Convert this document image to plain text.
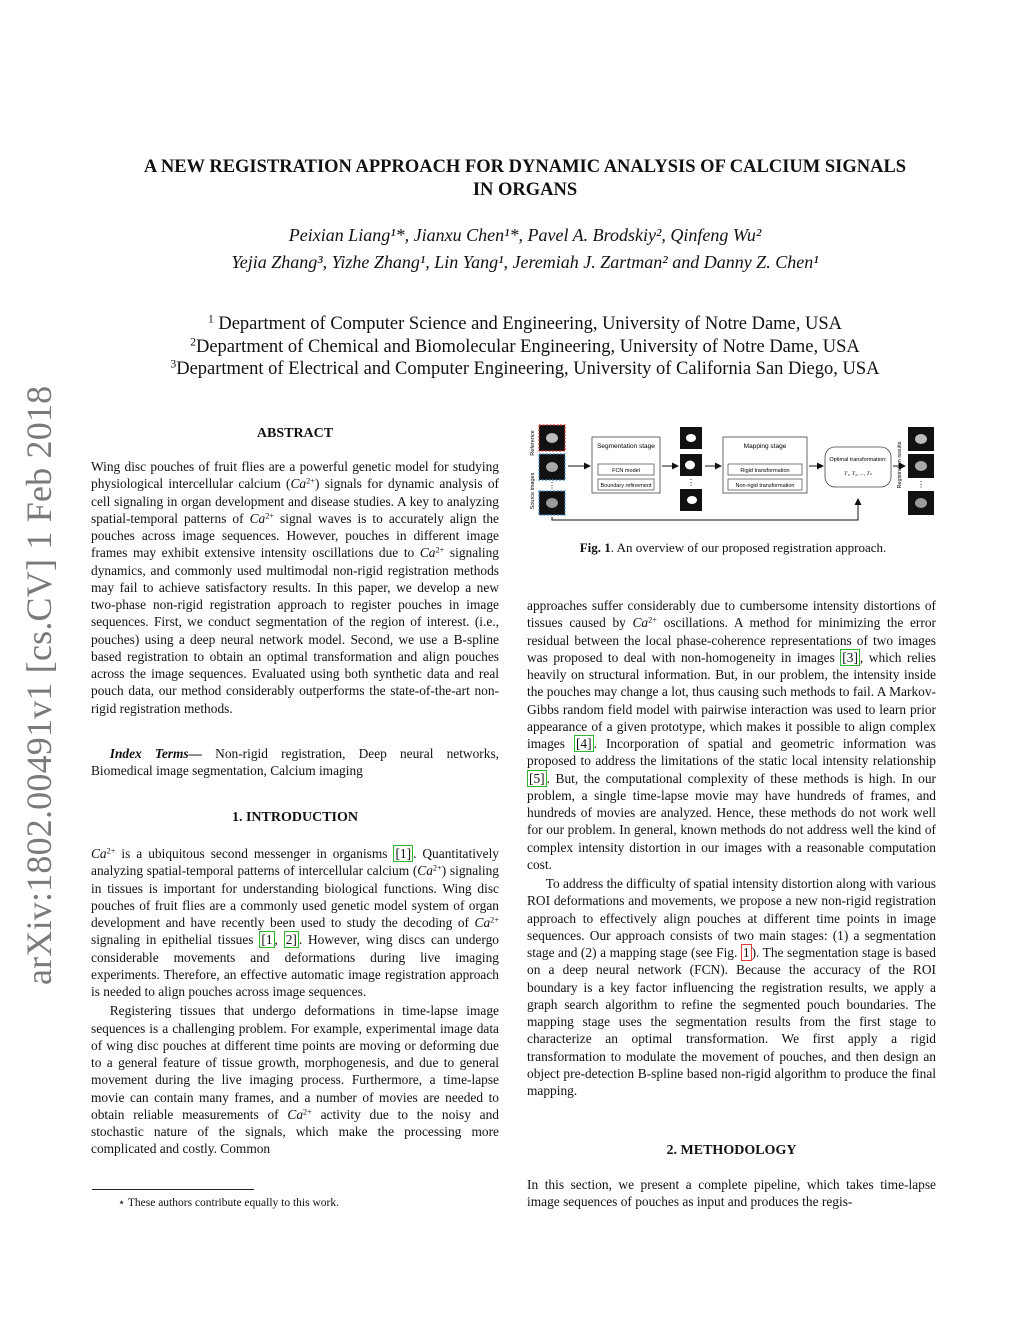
arXiv:1802.00491v1 [cs.CV] 1 Feb 2018
A NEW REGISTRATION APPROACH FOR DYNAMIC ANALYSIS OF CALCIUM SIGNALS
IN ORGANS
Peixian Liang¹*, Jianxu Chen¹*, Pavel A. Brodskiy², Qinfeng Wu²
Yejia Zhang³, Yizhe Zhang¹, Lin Yang¹, Jeremiah J. Zartman² and Danny Z. Chen¹
$^1$ Department of Computer Science and Engineering, University of Notre Dame, USA
$^2$Department of Chemical and Biomolecular Engineering, University of Notre Dame, USA
$^3$Department of Electrical and Computer Engineering, University of California San Diego, USA
ABSTRACT

Wing disc pouches of fruit flies are a powerful genetic model for studying physiological intercellular calcium $(Ca^{2+})$ signals for dynamic analysis of cell signaling in organ development and disease studies. A key to analyzing spatial-temporal patterns of $Ca^{2+}$ signal waves is to accurately align the pouches across image sequences. However, pouches in different image frames may exhibit extensive intensity oscillations due to $Ca^{2+}$ signaling dynamics, and commonly used multimodal non-rigid registration methods may fail to achieve satisfactory results. In this paper, we develop a new two-phase non-rigid registration approach to register pouches in image sequences. First, we conduct segmentation of the region of interest. (i.e., pouches) using a deep neural network model. Second, we use a B-spline based registration to obtain an optimal transformation and align pouches across the image sequences. Evaluated using both synthetic data and real pouch data, our method considerably outperforms the state-of-the-art non-rigid registration methods.

Index Terms— Non-rigid registration, Deep neural networks, Biomedical image segmentation, Calcium imaging

1. INTRODUCTION

$Ca^{2+}$ is a ubiquitous second messenger in organisms [1] . Quantitatively analyzing spatial-temporal patterns of intercellular calcium $(Ca^{2+})$ signaling in tissues is important for understanding biological functions. Wing disc pouches of fruit flies are a commonly used genetic model system of organ development and have recently been used to study the decoding of $Ca^{2+}$ signaling in epithelial tissues [1 , 2] . However, wing discs can undergo considerable movements and deformations during live imaging experiments. Therefore, an effective automatic image registration approach is needed to align pouches across image sequences.

Registering tissues that undergo deformations in time-lapse image sequences is a challenging problem. For example, experimental image data of wing disc pouches at different time points are moving or deforming due to a general feature of tissue growth, morphogenesis, and due to general movement during the live imaging process. Furthermore, a time-lapse movie can contain many frames, and a number of movies are needed to obtain reliable measurements of $Ca^{2+}$ activity due to the noisy and stochastic nature of the signals, which make the processing more complicated and costly. Common

⋆ These authors contribute equally to this work.
Reference
Source images ⋮
Segmentation stage
FCN model
Boundary refinement	⋮
Mapping stage
Rigid transformation
Non-rigid transformation
Optimal transformation:
T₁, T₂, ..., Tₙ	Registration results ⋮
Fig. 1. An overview of our proposed registration approach.

approaches suffer considerably due to cumbersome intensity distortions of tissues caused by $Ca^{2+}$ oscillations. A method for minimizing the error residual between the local phase-coherence representations of two images was proposed to deal with non-homogeneity in images [3] , which relies heavily on structural information. But, in our problem, the intensity inside the pouches may change a lot, thus causing such methods to fail. A Markov-Gibbs random field model with pairwise interaction was used to learn prior appearance of a given prototype, which makes it possible to align complex images [4] . Incorporation of spatial and geometric information was proposed to address the limitations of the static local intensity relationship [5] . But, the computational complexity of these methods is high. In our problem, a single time-lapse movie may have hundreds of frames, and hundreds of movies are analyzed. Hence, these methods do not work well for our problem. In general, known methods do not address well the kind of complex intensity distortion in our images with a reasonable computation cost.

To address the difficulty of spatial intensity distortion along with various ROI deformations and movements, we propose a new non-rigid registration approach to effectively align pouches at different time points in image sequences. Our approach consists of two main stages: (1) a segmentation stage and (2) a mapping stage (see Fig. 1 ). The segmentation stage is based on a deep neural network (FCN). Because the accuracy of the ROI boundary is a key factor influencing the registration results, we apply a graph search algorithm to refine the segmented pouch boundaries. The mapping stage uses the segmentation results from the first stage to characterize an optimal transformation. We first apply a rigid transformation to modulate the movement of pouches, and then design an object pre-detection B-spline based non-rigid algorithm to produce the final mapping.

2. METHODOLOGY

In this section, we present a complete pipeline, which takes time-lapse image sequences of pouches as input and produces the regis-
